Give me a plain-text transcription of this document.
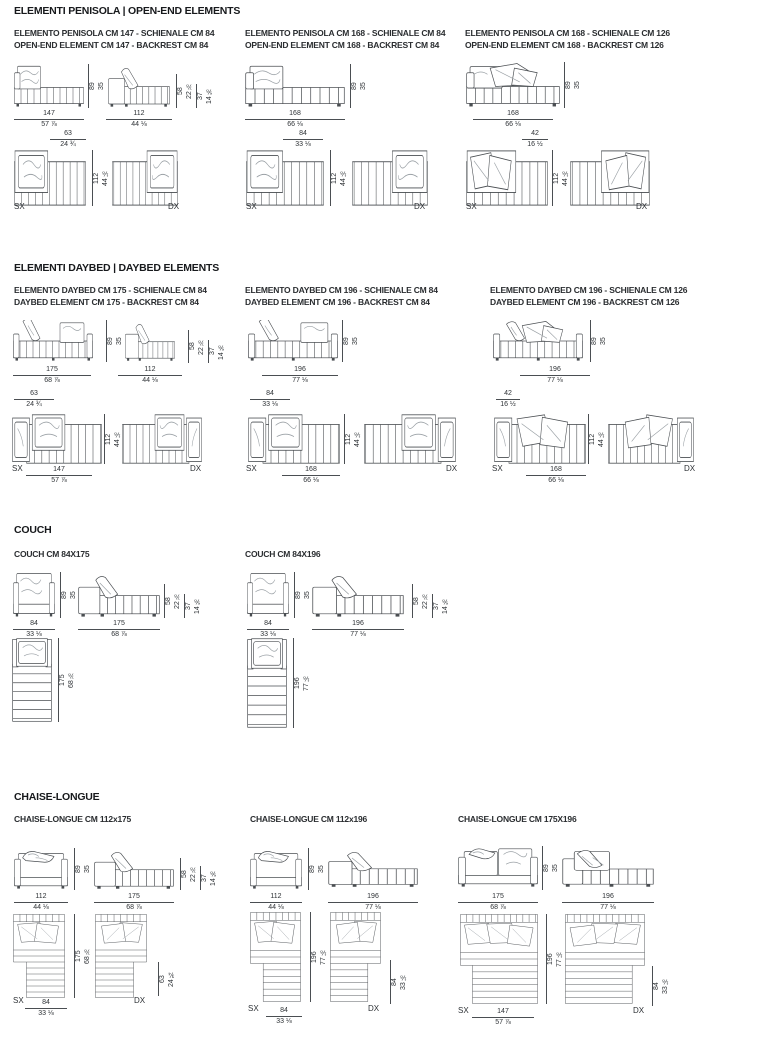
ELEMENTI PENISOLA | OPEN-END ELEMENTS
ELEMENTO PENISOLA CM 147 - SCHIENALE CM 84
OPEN-END ELEMENT CM 147 - BACKREST CM 84
147
57 ⅞
89 35
112
44 ⅛
58 22 ⅞ 37 14 ⅝
63
24 ¾
112 44 ⅛
SX	DX
ELEMENTO PENISOLA CM 168 - SCHIENALE CM 84
OPEN-END ELEMENT CM 168 - BACKREST CM 84
168
66 ⅛
89 35
84
33 ⅛
112 44 ⅛
SX	DX
ELEMENTO PENISOLA CM 168 - SCHIENALE CM 126
OPEN-END ELEMENT CM 168 - BACKREST CM 126
168
66 ⅛
89 35
42
16 ½
112 44 ⅛
SX	DX
ELEMENTI DAYBED | DAYBED ELEMENTS
ELEMENTO DAYBED CM 175 - SCHIENALE CM 84
DAYBED ELEMENT CM 175 - BACKREST CM 84
175
68 ⅞
89 35
112
44 ⅛
58 22 ⅞ 37 14 ⅝
63
24 ¾
112 44 ⅛
SX	DX
147
57 ⅞
ELEMENTO DAYBED CM 196 - SCHIENALE CM 84
DAYBED ELEMENT CM 196 - BACKREST CM 84
196
77 ⅛
89 35
84
33 ⅛
112 44 ⅛
SX	DX
168
66 ⅛
ELEMENTO DAYBED CM 196 - SCHIENALE CM 126
DAYBED ELEMENT CM 196 - BACKREST CM 126
196
77 ⅛
89 35
42
16 ½
112 44 ⅛
SX	DX
168
66 ⅛
COUCH
COUCH CM 84X175
84
33 ⅛
89 35
175
68 ⅞
58 22 ⅞ 37 14 ⅝
175 68 ⅞
COUCH CM 84X196
84
33 ⅛
89 35
196
77 ⅛
58 22 ⅞ 37 14 ⅝
196 77 ⅛
CHAISE-LONGUE
CHAISE-LONGUE CM 112x175
112
44 ⅛
89 35
175
68 ⅞
58 22 ⅞ 37 14 ⅝
175 68 ⅞
63 24 ¾
SX	DX
84
33 ⅛
CHAISE-LONGUE CM 112x196
112
44 ⅛
89 35
196
77 ⅛
196 77 ⅛
84 33 ⅛
SX	DX
84
33 ⅛
CHAISE-LONGUE CM 175X196
175
68 ⅞
89 35
196
77 ⅛
196 77 ⅛
84 33 ⅛
SX	DX
147
57 ⅞
